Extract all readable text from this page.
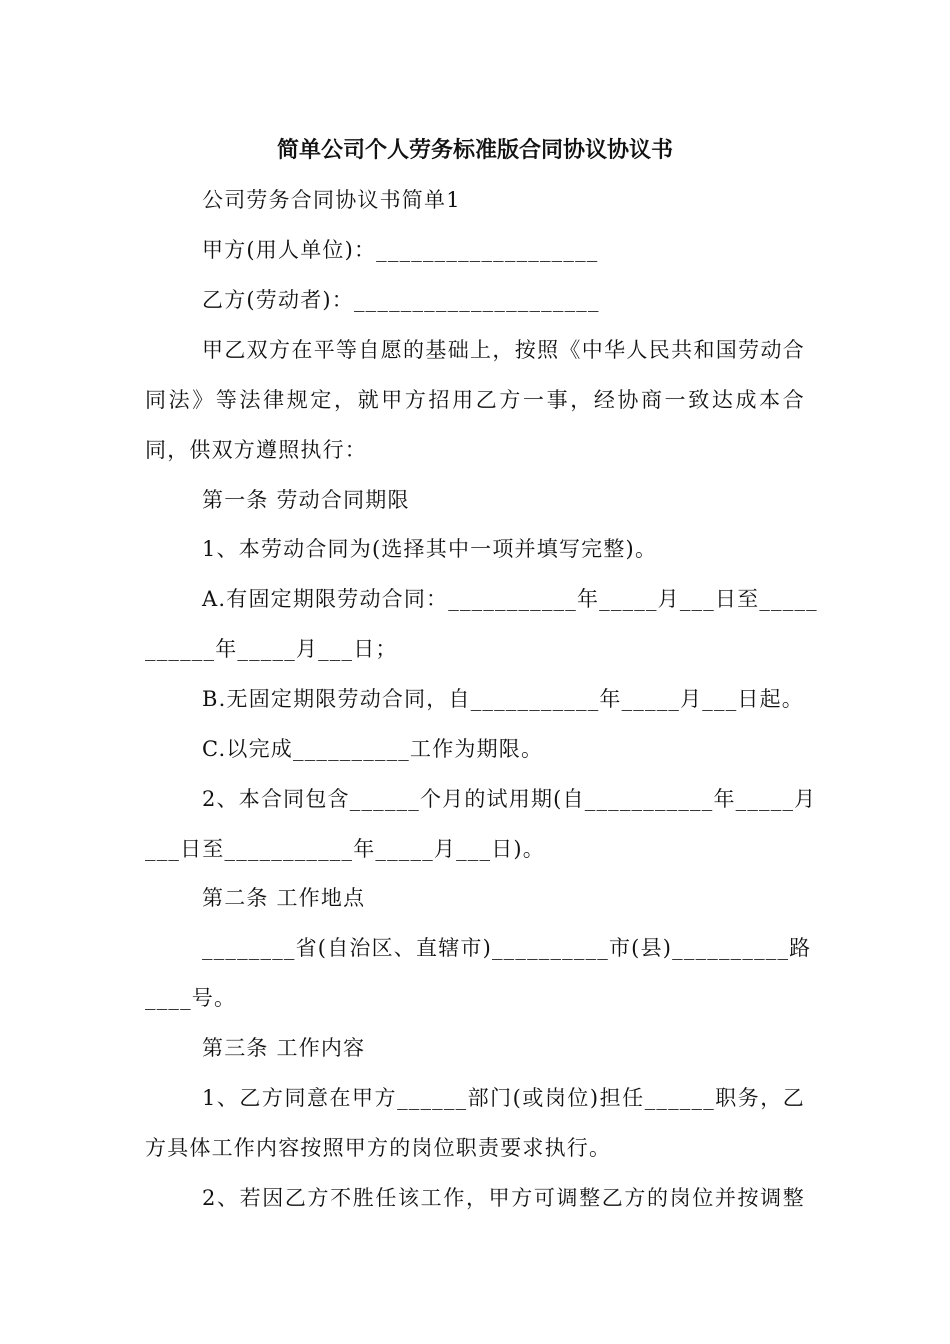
简单公司个人劳务标准版合同协议协议书
公司劳务合同协议书简单1
甲方(用人单位)：___________________
乙方(劳动者)：_____________________
甲乙双方在平等自愿的基础上，按照《中华人民共和国劳动合
同法》等法律规定，就甲方招用乙方一事，经协商一致达成本合
同，供双方遵照执行：
第一条 劳动合同期限
1、本劳动合同为(选择其中一项并填写完整)。
A.有固定期限劳动合同：___________年_____月___日至_____
______年_____月___日；
B.无固定期限劳动合同，自___________年_____月___日起。
C.以完成__________工作为期限。
2、本合同包含______个月的试用期(自___________年_____月
___日至___________年_____月___日)。
第二条 工作地点
________省(自治区、直辖市)__________市(县)__________路
____号。
第三条 工作内容
1、乙方同意在甲方______部门(或岗位)担任______职务，乙
方具体工作内容按照甲方的岗位职责要求执行。
2、若因乙方不胜任该工作，甲方可调整乙方的岗位并按调整
